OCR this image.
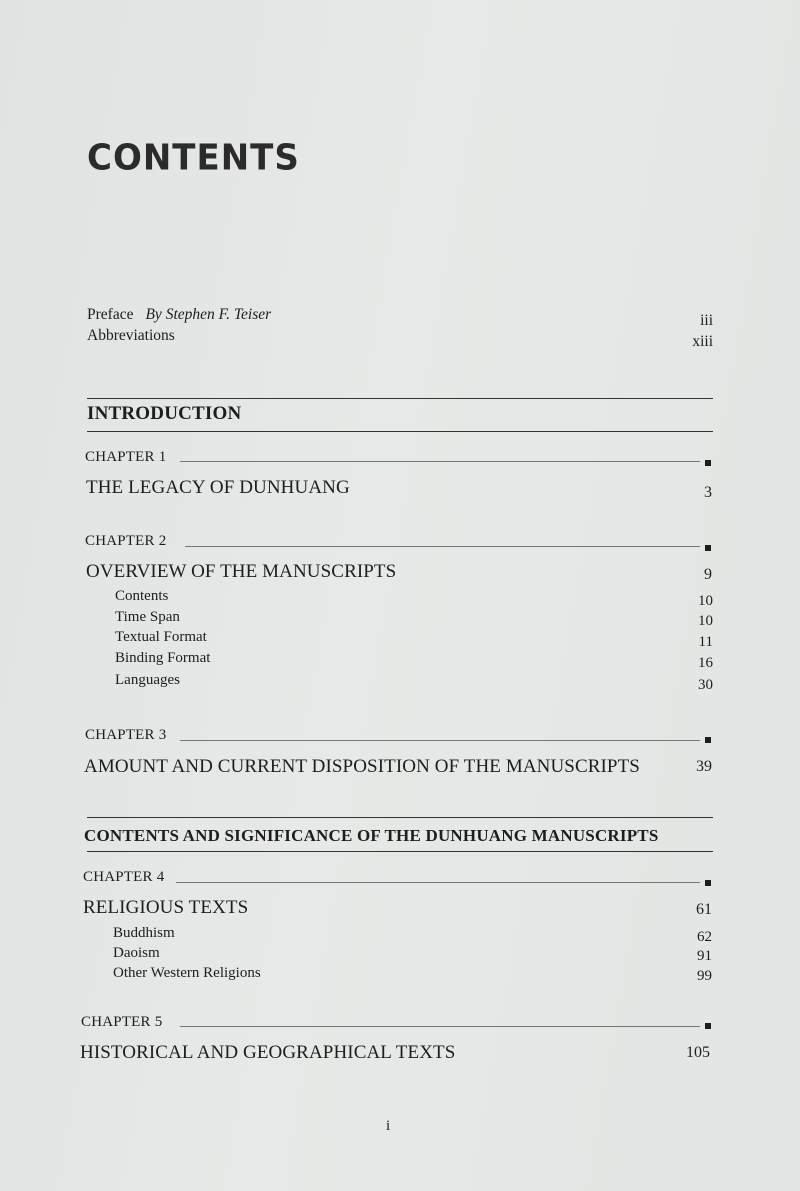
CONTENTS
Preface By Stephen F. Teiser	iii
Abbreviations	xiii
INTRODUCTION
CHAPTER 1
THE LEGACY OF DUNHUANG	3
CHAPTER 2
OVERVIEW OF THE MANUSCRIPTS	9
Contents	10
Time Span	10
Textual Format	11
Binding Format	16
Languages	30
CHAPTER 3
AMOUNT AND CURRENT DISPOSITION OF THE MANUSCRIPTS	39
CONTENTS AND SIGNIFICANCE OF THE DUNHUANG MANUSCRIPTS
CHAPTER 4
RELIGIOUS TEXTS	61
Buddhism	62
Daoism	91
Other Western Religions	99
CHAPTER 5
HISTORICAL AND GEOGRAPHICAL TEXTS	105
i
